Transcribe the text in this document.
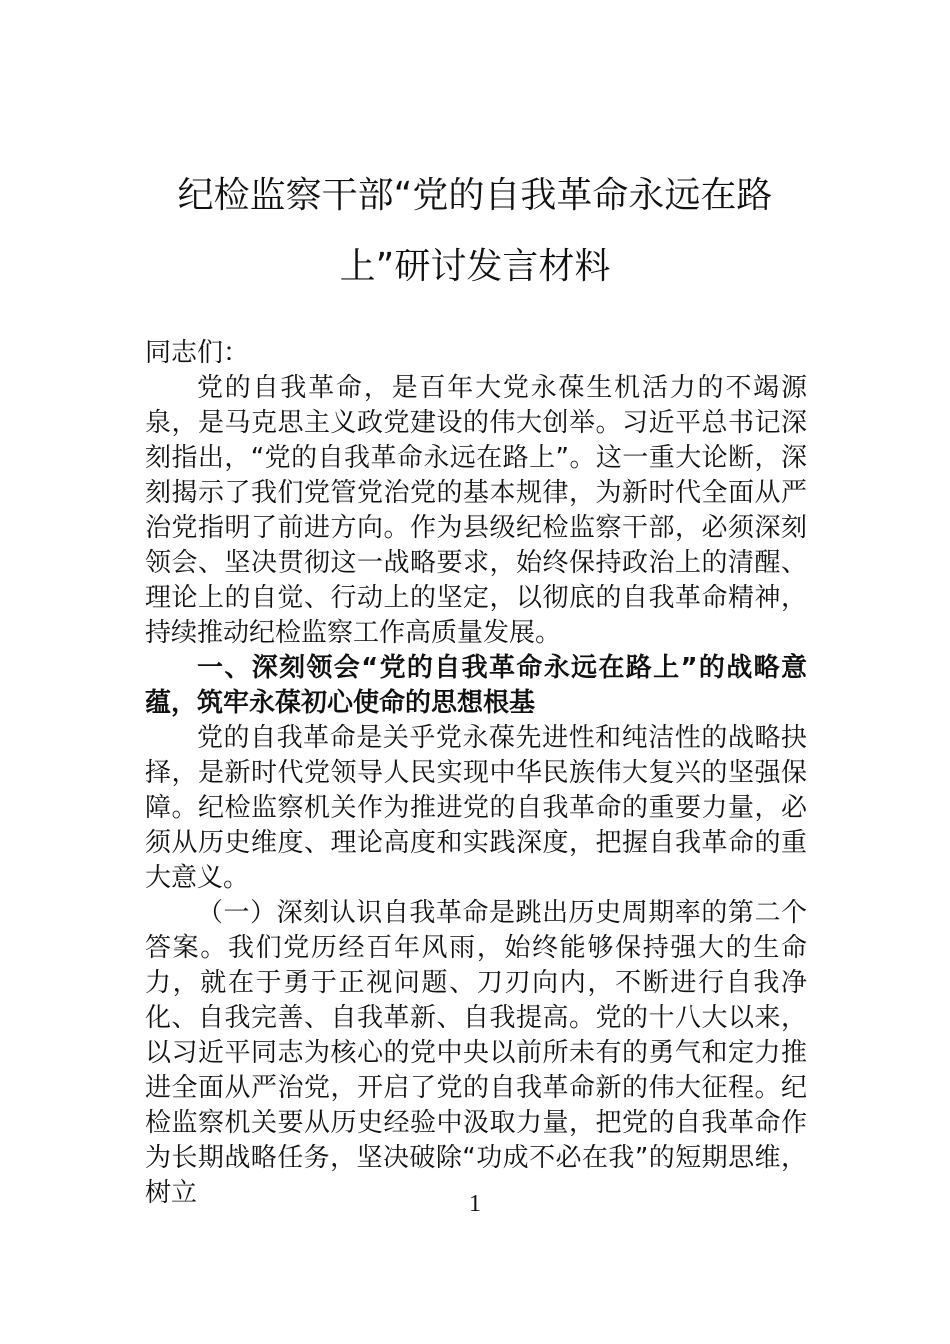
纪检监察干部“党的自我革命永远在路
上”研讨发言材料

同志们：

党的自我革命，是百年大党永葆生机活力的不竭源泉，是马克思主义政党建设的伟大创举。习近平总书记深刻指出，“党的自我革命永远在路上”。这一重大论断，深刻揭示了我们党管党治党的基本规律，为新时代全面从严治党指明了前进方向。作为县级纪检监察干部，必须深刻领会、坚决贯彻这一战略要求，始终保持政治上的清醒、理论上的自觉、行动上的坚定，以彻底的自我革命精神，持续推动纪检监察工作高质量发展。

一、深刻领会“党的自我革命永远在路上”的战略意蕴，筑牢永葆初心使命的思想根基

党的自我革命是关乎党永葆先进性和纯洁性的战略抉择，是新时代党领导人民实现中华民族伟大复兴的坚强保障。纪检监察机关作为推进党的自我革命的重要力量，必须从历史维度、理论高度和实践深度，把握自我革命的重大意义。

（一）深刻认识自我革命是跳出历史周期率的第二个答案。我们党历经百年风雨，始终能够保持强大的生命力，就在于勇于正视问题、刀刃向内，不断进行自我净化、自我完善、自我革新、自我提高。党的十八大以来，以习近平同志为核心的党中央以前所未有的勇气和定力推进全面从严治党，开启了党的自我革命新的伟大征程。纪检监察机关要从历史经验中汲取力量，把党的自我革命作为长期战略任务，坚决破除“功成不必在我”的短期思维，树立	1
